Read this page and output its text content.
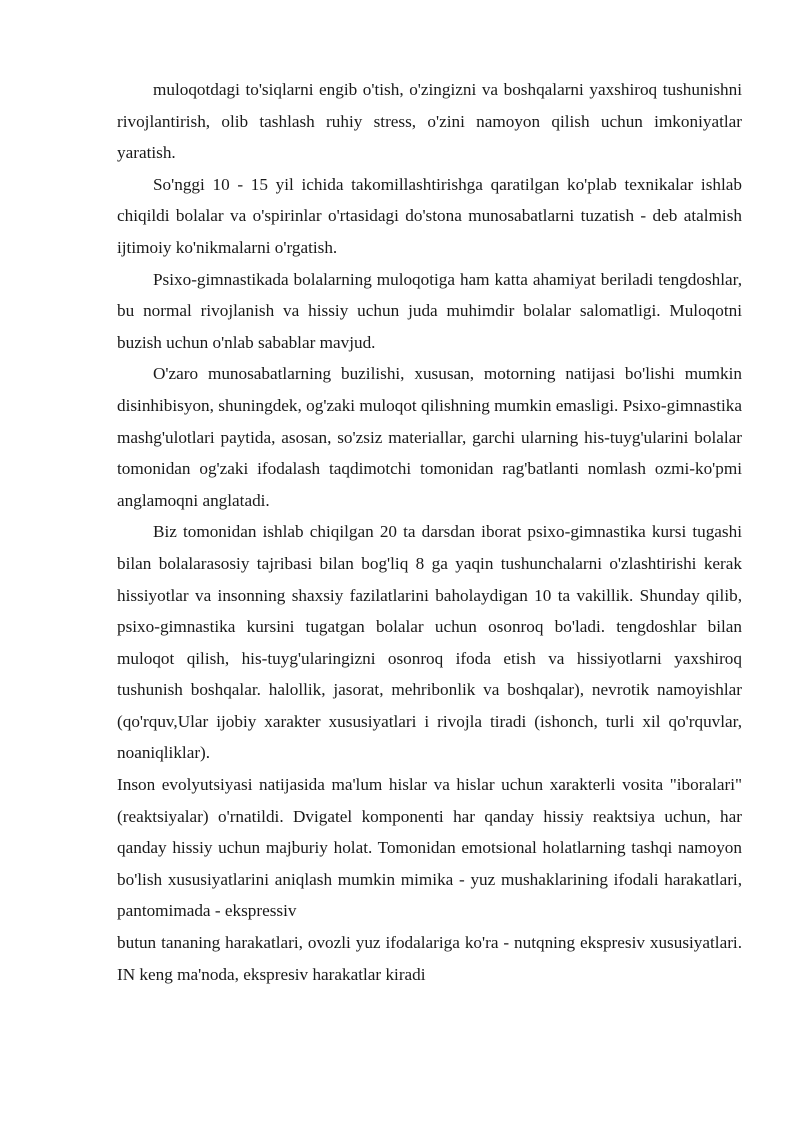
muloqotdagi to'siqlarni engib o'tish, o'zingizni va boshqalarni yaxshiroq tushunishni rivojlantirish, olib tashlash ruhiy stress, o'zini namoyon qilish uchun imkoniyatlar yaratish.

So'nggi 10 - 15 yil ichida takomillashtirishga qaratilgan ko'plab texnikalar ishlab chiqildi bolalar va o'spirinlar o'rtasidagi do'stona munosabatlarni tuzatish - deb atalmish ijtimoiy ko'nikmalarni o'rgatish.

Psixo-gimnastikada bolalarning muloqotiga ham katta ahamiyat beriladi tengdoshlar, bu normal rivojlanish va hissiy uchun juda muhimdir bolalar salomatligi. Muloqotni buzish uchun o'nlab sabablar mavjud.

O'zaro munosabatlarning buzilishi, xususan, motorning natijasi bo'lishi mumkin disinhibisyon, shuningdek, og'zaki muloqot qilishning mumkin emasligi. Psixo-gimnastika mashg'ulotlari paytida, asosan, so'zsiz materiallar, garchi ularning his-tuyg'ularini bolalar tomonidan og'zaki ifodalash taqdimotchi tomonidan rag'batlanti nomlash ozmi-ko'pmi anglamoqni anglatadi.

Biz tomonidan ishlab chiqilgan 20 ta darsdan iborat psixo-gimnastika kursi tugashi bilan bolalarasosiy tajribasi bilan bog'liq 8 ga yaqin tushunchalarni o'zlashtirishi kerak hissiyotlar va insonning shaxsiy fazilatlarini baholaydigan 10 ta vakillik. Shunday qilib, psixo-gimnastika kursini tugatgan bolalar uchun osonroq bo'ladi. tengdoshlar bilan muloqot qilish, his-tuyg'ularingizni osonroq ifoda etish va hissiyotlarni yaxshiroq tushunish boshqalar. halollik, jasorat, mehribonlik va boshqalar), nevrotik namoyishlar (qo'rquv,Ular ijobiy xarakter xususiyatlari i rivojla tiradi (ishonch, turli xil qo'rquvlar, noaniqliklar).

Inson evolyutsiyasi natijasida ma'lum hislar va hislar uchun xarakterli vosita "iboralari" (reaktsiyalar) o'rnatildi. Dvigatel komponenti har qanday hissiy reaktsiya uchun, har qanday hissiy uchun majburiy holat. Tomonidan emotsional holatlarning tashqi namoyon bo'lish xususiyatlarini aniqlash mumkin mimika - yuz mushaklarining ifodali harakatlari, pantomimada - ekspressiv

butun tananing harakatlari, ovozli yuz ifodalariga ko'ra - nutqning ekspresiv xususiyatlari. IN keng ma'noda, ekspresiv harakatlar kiradi
